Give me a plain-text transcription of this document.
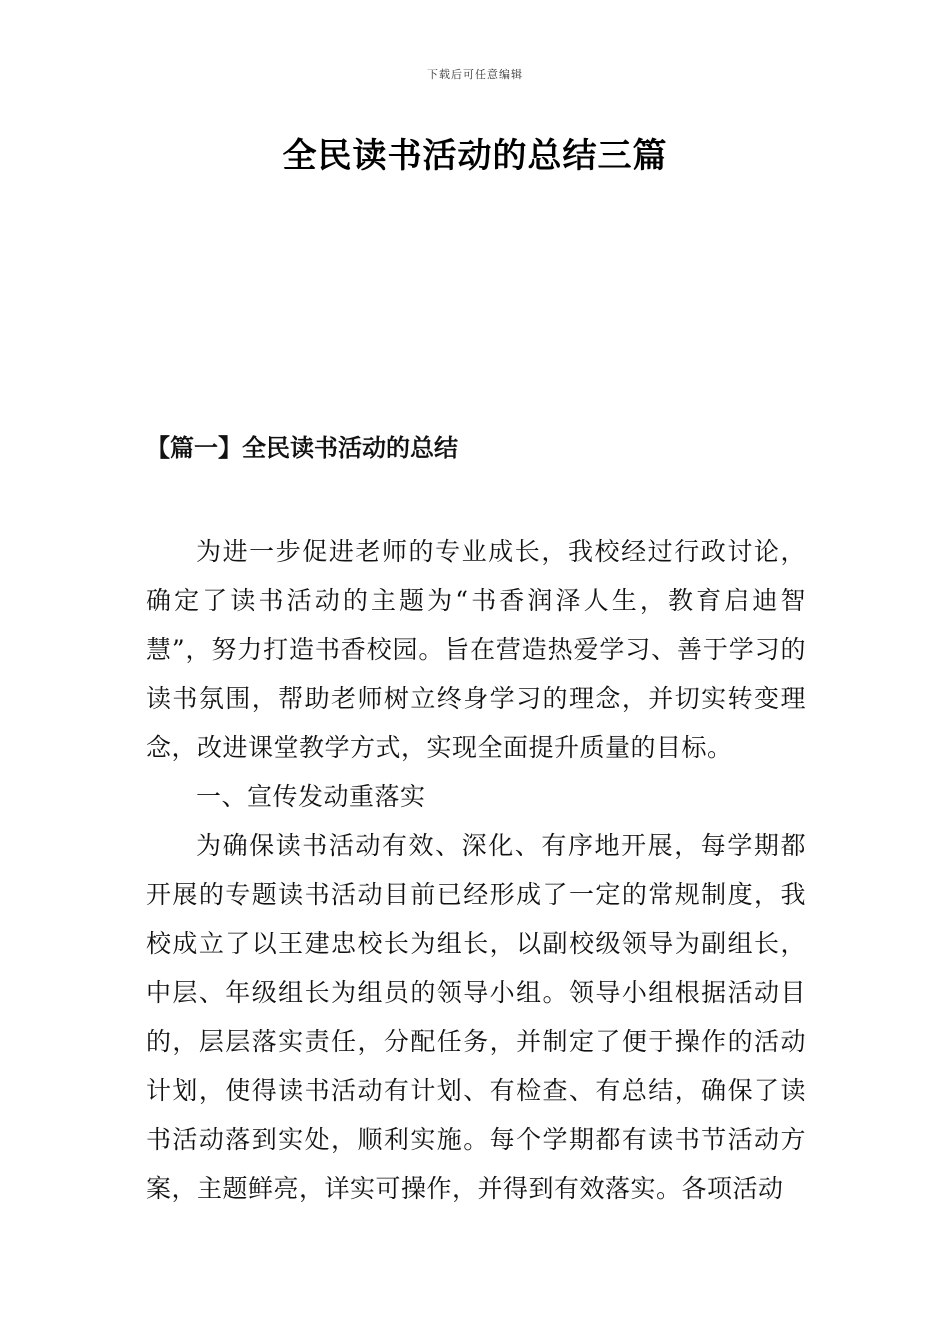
下载后可任意编辑
全民读书活动的总结三篇
【篇一】全民读书活动的总结

为进一步促进老师的专业成长，我校经过行政讨论，确定了读书活动的主题为“书香润泽人生，教育启迪智慧”，努力打造书香校园。旨在营造热爱学习、善于学习的读书氛围，帮助老师树立终身学习的理念，并切实转变理念，改进课堂教学方式，实现全面提升质量的目标。

一、宣传发动重落实

为确保读书活动有效、深化、有序地开展，每学期都开展的专题读书活动目前已经形成了一定的常规制度，我校成立了以王建忠校长为组长，以副校级领导为副组长，中层、年级组长为组员的领导小组。领导小组根据活动目的，层层落实责任，分配任务，并制定了便于操作的活动计划，使得读书活动有计划、有检查、有总结，确保了读书活动落到实处，顺利实施。每个学期都有读书节活动方案，主题鲜亮，详实可操作，并得到有效落实。各项活动
